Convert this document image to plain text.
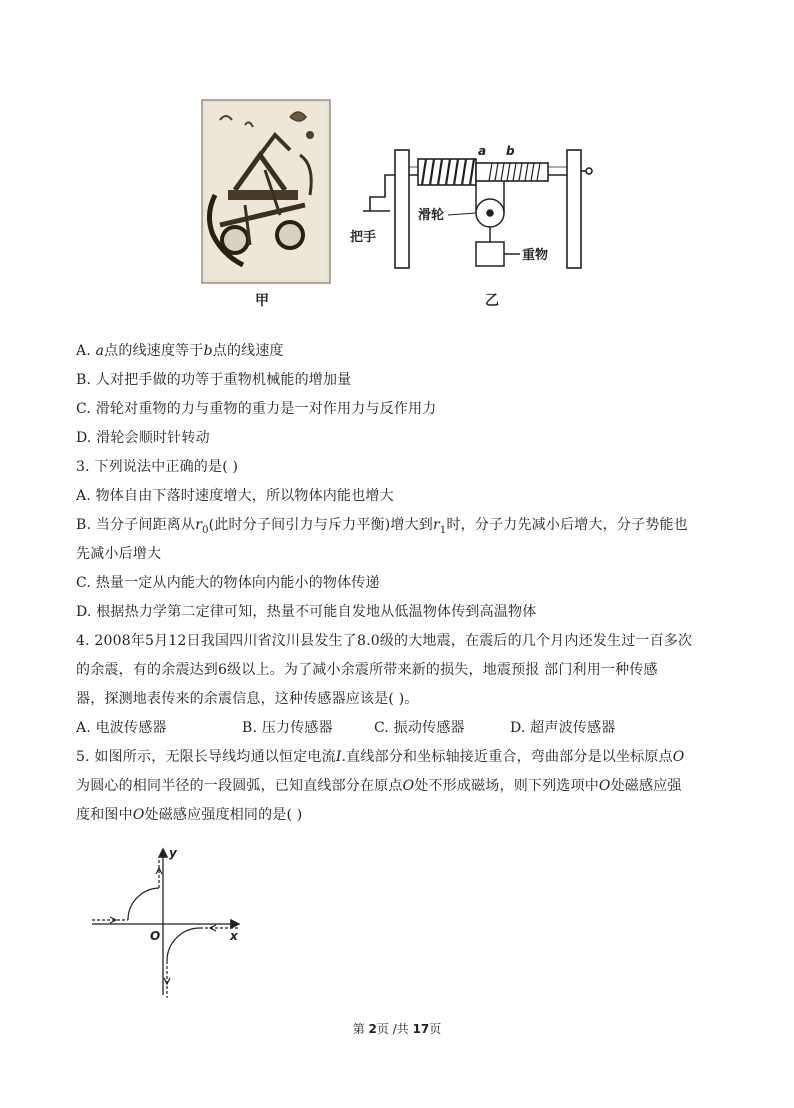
甲
a b
滑轮
把手
重物
乙
A. a点的线速度等于b点的线速度
B. 人对把手做的功等于重物机械能的增加量
C. 滑轮对重物的力与重物的重力是一对作用力与反作用力
D. 滑轮会顺时针转动
3. 下列说法中正确的是( )
A. 物体自由下落时速度增大，所以物体内能也增大
B. 当分子间距离从$r_0$(此时分子间引力与斥力平衡)增大到$r_1$时，分子力先减小后增大，分子势能也
先减小后增大
C. 热量一定从内能大的物体向内能小的物体传递
D. 根据热力学第二定律可知，热量不可能自发地从低温物体传到高温物体
4. 2008年5月12日我国四川省汶川县发生了8.0级的大地震，在震后的几个月内还发生过一百多次
的余震，有的余震达到6级以上。为了减小余震所带来新的损失，地震预报 部门利用一种传感
器，探测地表传来的余震信息，这种传感器应该是( )。
A. 电波传感器	B. 压力传感器	C. 振动传感器	D. 超声波传感器
5. 如图所示，无限长导线均通以恒定电流I.直线部分和坐标轴接近重合，弯曲部分是以坐标原点O
为圆心的相同半径的一段圆弧，已知直线部分在原点O处不形成磁场，则下列选项中O处磁感应强
度和图中O处磁感应强度相同的是( )
y
x
O
第 2页 /共 17页
